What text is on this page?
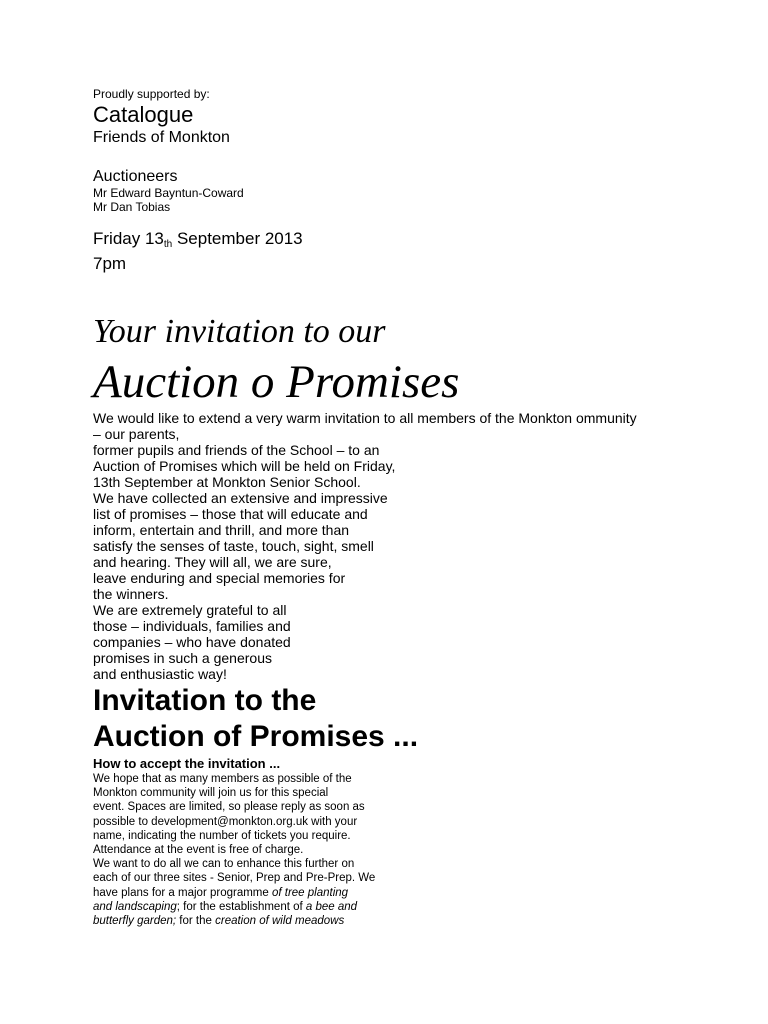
Proudly supported by:
Catalogue
Friends of Monkton
Auctioneers
Mr Edward Bayntun-Coward
Mr Dan Tobias
Friday $13_{th}$ September 2013
7pm
Your invitation to our
Auction o Promises
We would like to extend a very warm invitation to all members of the Monkton ommunity
– our parents,
former pupils and friends of the School – to an
Auction of Promises which will be held on Friday,
13th September at Monkton Senior School.
We have collected an extensive and impressive
list of promises – those that will educate and
inform, entertain and thrill, and more than
satisfy the senses of taste, touch, sight, smell
and hearing. They will all, we are sure,
leave enduring and special memories for
the winners.
We are extremely grateful to all
those – individuals, families and
companies – who have donated
promises in such a generous
and enthusiastic way!
Invitation to the
Auction of Promises ...
How to accept the invitation ...
We hope that as many members as possible of the
Monkton community will join us for this special
event. Spaces are limited, so please reply as soon as
possible to development@monkton.org.uk with your
name, indicating the number of tickets you require.
Attendance at the event is free of charge.
We want to do all we can to enhance this further on
each of our three sites - Senior, Prep and Pre-Prep. We
have plans for a major programme of tree planting
and landscaping; for the establishment of a bee and
butterfly garden; for the creation of wild meadows
